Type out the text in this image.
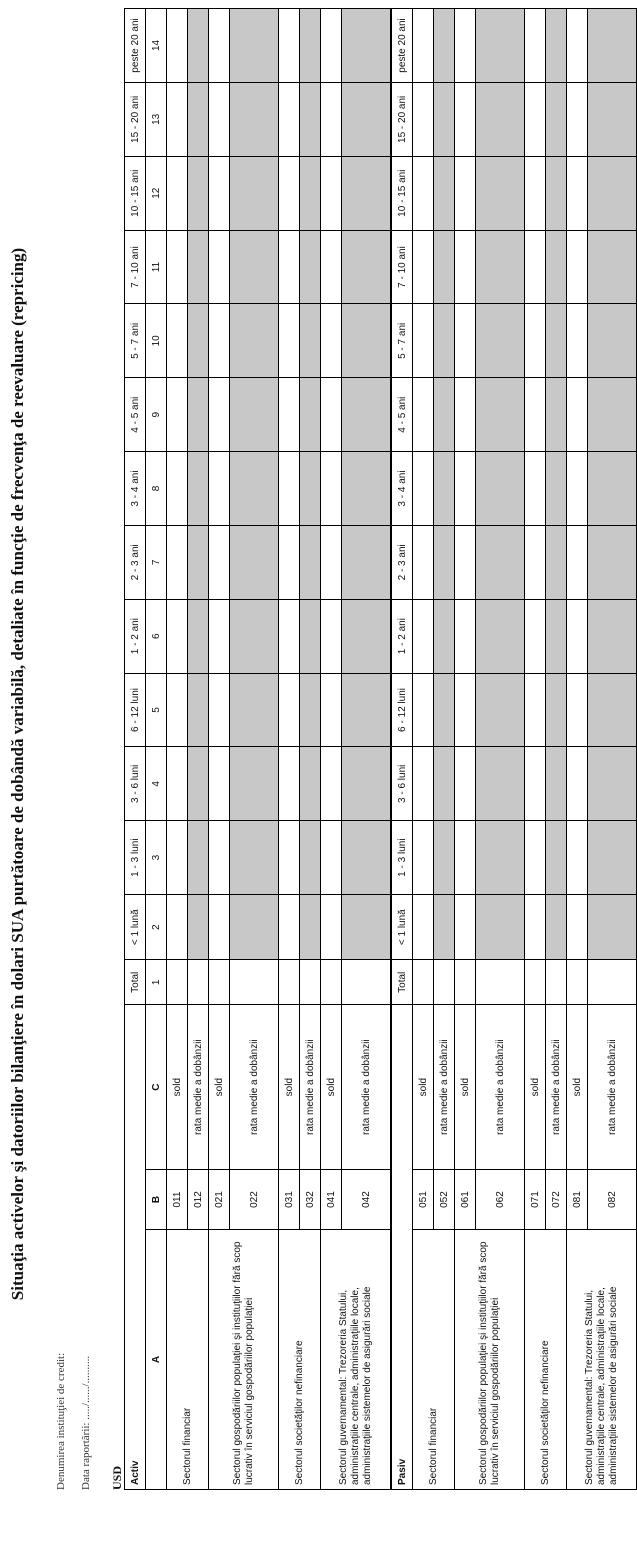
Situaţia activelor şi datoriilor bilanţiere în dolari SUA purtătoare de dobândă variabilă, detaliate în funcţie de frecvenţa de reevaluare (repricing)
Denumirea instituţiei de credit: Data raportării: ...../....../.......... USD Activ			Total	< 1 lună	1 - 3 luni	3 - 6 luni	6 - 12 luni	1 - 2 ani	2 - 3 ani	3 - 4 ani	4 - 5 ani	5 - 7 ani	7 - 10 ani	10 - 15 ani	15 - 20 ani	peste 20 ani
A	B	C	1	2	3	4	5	6	7	8	9	10	11	12	13	14
Sectorul financiar	011	sold														
	012	rata medie a dobânzii														
Sectorul gospodăriilor populaţiei şi instituţiilor fără scop lucrativ în serviciul gospodăriilor populaţiei	021	sold														
	022	rata medie a dobânzii														
Sectorul societăţilor nefinanciare	031	sold														
	032	rata medie a dobânzii														
Sectorul guvernamental: Trezoreria Statului, administraţiile centrale, administraţiile locale, administraţiile sistemelor de asigurări sociale	041	sold														
	042	rata medie a dobânzii														
Pasiv			Total	< 1 lună	1 - 3 luni	3 - 6 luni	6 - 12 luni	1 - 2 ani	2 - 3 ani	3 - 4 ani	4 - 5 ani	5 - 7 ani	7 - 10 ani	10 - 15 ani	15 - 20 ani	peste 20 ani
Sectorul financiar	051	sold														
	052	rata medie a dobânzii														
Sectorul gospodăriilor populaţiei şi instituţiilor fără scop lucrativ în serviciul gospodăriilor populaţiei	061	sold														
	062	rata medie a dobânzii														
Sectorul societăţilor nefinanciare	071	sold														
	072	rata medie a dobânzii														
Sectorul guvernamental: Trezoreria Statului, administraţiile centrale, administraţiile locale, administraţiile sistemelor de asigurări sociale	081	sold														
	082	rata medie a dobânzii														
